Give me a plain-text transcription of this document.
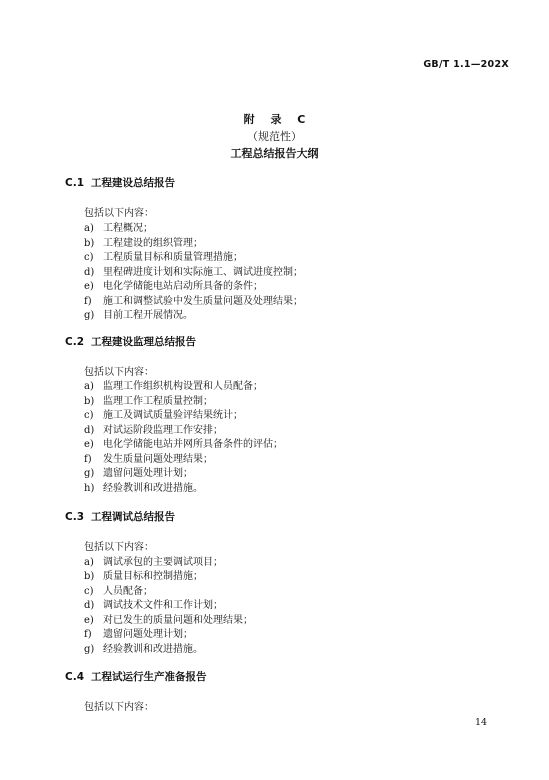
GB/T 1.1—202X
附 录 C
（规范性）
工程总结报告大纲
C.1 工程建设总结报告
包括以下内容：
a) 工程概况；
b) 工程建设的组织管理；
c) 工程质量目标和质量管理措施；
d) 里程碑进度计划和实际施工、调试进度控制；
e) 电化学储能电站启动所具备的条件；
f) 施工和调整试验中发生质量问题及处理结果；
g) 目前工程开展情况。
C.2 工程建设监理总结报告
包括以下内容：
a) 监理工作组织机构设置和人员配备；
b) 监理工作工程质量控制；
c) 施工及调试质量验评结果统计；
d) 对试运阶段监理工作安排；
e) 电化学储能电站并网所具备条件的评估；
f) 发生质量问题处理结果；
g) 遗留问题处理计划；
h) 经验教训和改进措施。
C.3 工程调试总结报告
包括以下内容：
a) 调试承包的主要调试项目；
b) 质量目标和控制措施；
c) 人员配备；
d) 调试技术文件和工作计划；
e) 对已发生的质量问题和处理结果；
f) 遗留问题处理计划；
g) 经验教训和改进措施。
C.4 工程试运行生产准备报告
包括以下内容：
14
